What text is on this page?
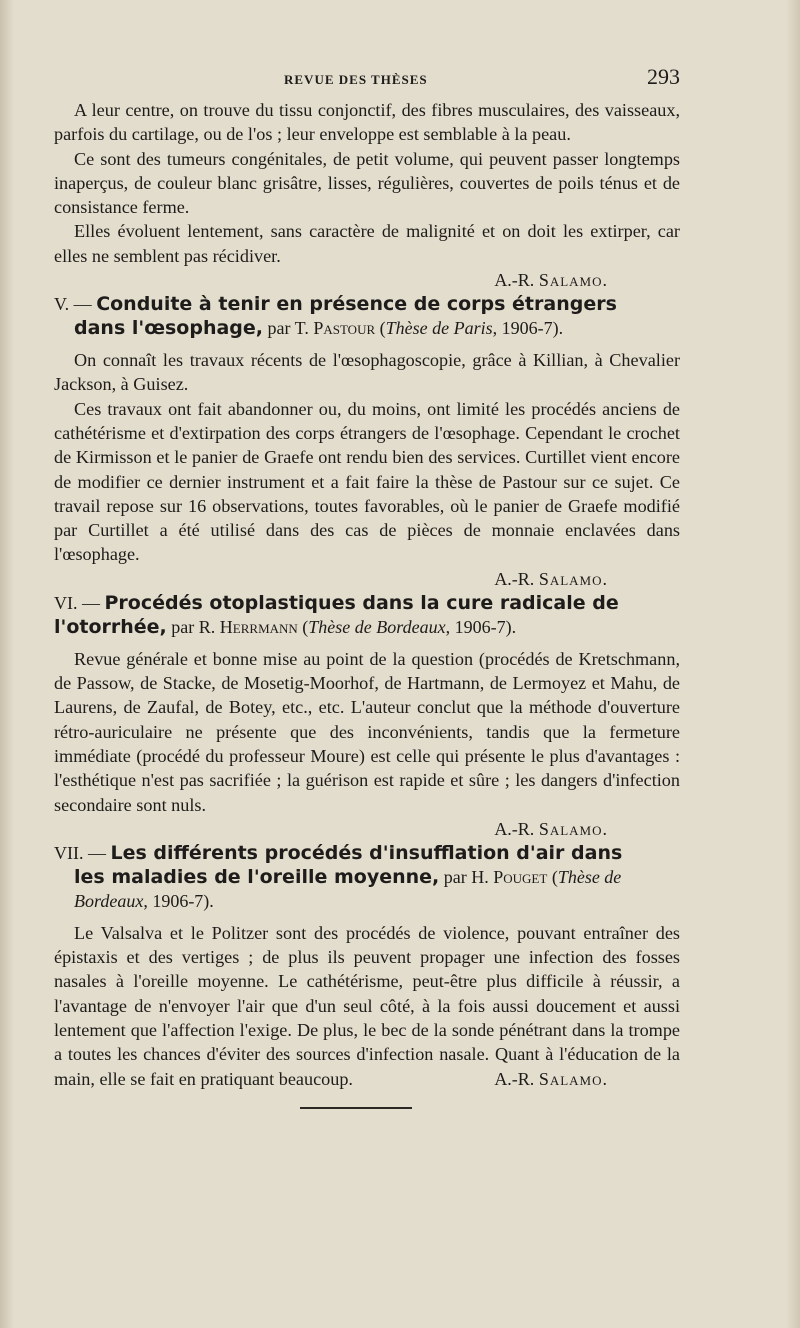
REVUE DES THÈSES	293

A leur centre, on trouve du tissu conjonctif, des fibres musculaires, des vaisseaux, parfois du cartilage, ou de l'os ; leur enveloppe est semblable à la peau.

Ce sont des tumeurs congénitales, de petit volume, qui peuvent passer longtemps inaperçus, de couleur blanc grisâtre, lisses, régulières, couvertes de poils ténus et de consistance ferme.

Elles évoluent lentement, sans caractère de malignité et on doit les extirper, car elles ne semblent pas récidiver.

A.-R. Salamo.
V. — Conduite à tenir en présence de corps étrangers
dans l'œsophage, par T. Pastour (Thèse de Paris, 1906-7).

On connaît les travaux récents de l'œsophagoscopie, grâce à Killian, à Chevalier Jackson, à Guisez.

Ces travaux ont fait abandonner ou, du moins, ont limité les procédés anciens de cathétérisme et d'extirpation des corps étrangers de l'œsophage. Cependant le crochet de Kirmisson et le panier de Graefe ont rendu bien des services. Curtillet vient encore de modifier ce dernier instrument et a fait faire la thèse de Pastour sur ce sujet. Ce travail repose sur 16 observations, toutes favorables, où le panier de Graefe modifié par Curtillet a été utilisé dans des cas de pièces de monnaie enclavées dans l'œsophage.

A.-R. Salamo.
VI. — Procédés otoplastiques dans la cure radicale de
l'otorrhée, par R. Herrmann (Thèse de Bordeaux, 1906-7).

Revue générale et bonne mise au point de la question (procédés de Kretschmann, de Passow, de Stacke, de Mosetig-Moorhof, de Hartmann, de Lermoyez et Mahu, de Laurens, de Zaufal, de Botey, etc., etc. L'auteur conclut que la méthode d'ouverture rétro-auriculaire ne présente que des inconvénients, tandis que la fermeture immédiate (procédé du professeur Moure) est celle qui présente le plus d'avantages : l'esthétique n'est pas sacrifiée ; la guérison est rapide et sûre ; les dangers d'infection secondaire sont nuls.

A.-R. Salamo.
VII. — Les différents procédés d'insufflation d'air dans
les maladies de l'oreille moyenne, par H. Pouget (Thèse de Bordeaux, 1906-7).

Le Valsalva et le Politzer sont des procédés de violence, pouvant entraîner des épistaxis et des vertiges ; de plus ils peuvent propager une infection des fosses nasales à l'oreille moyenne. Le cathétérisme, peut-être plus difficile à réussir, a l'avantage de n'envoyer l'air que d'un seul côté, à la fois aussi doucement et aussi lentement que l'affection l'exige. De plus, le bec de la sonde pénétrant dans la trompe a toutes les chances d'éviter des sources d'infection nasale. Quant à l'éducation de la main, elle se fait en pratiquant beaucoup.	A.-R. Salamo.
